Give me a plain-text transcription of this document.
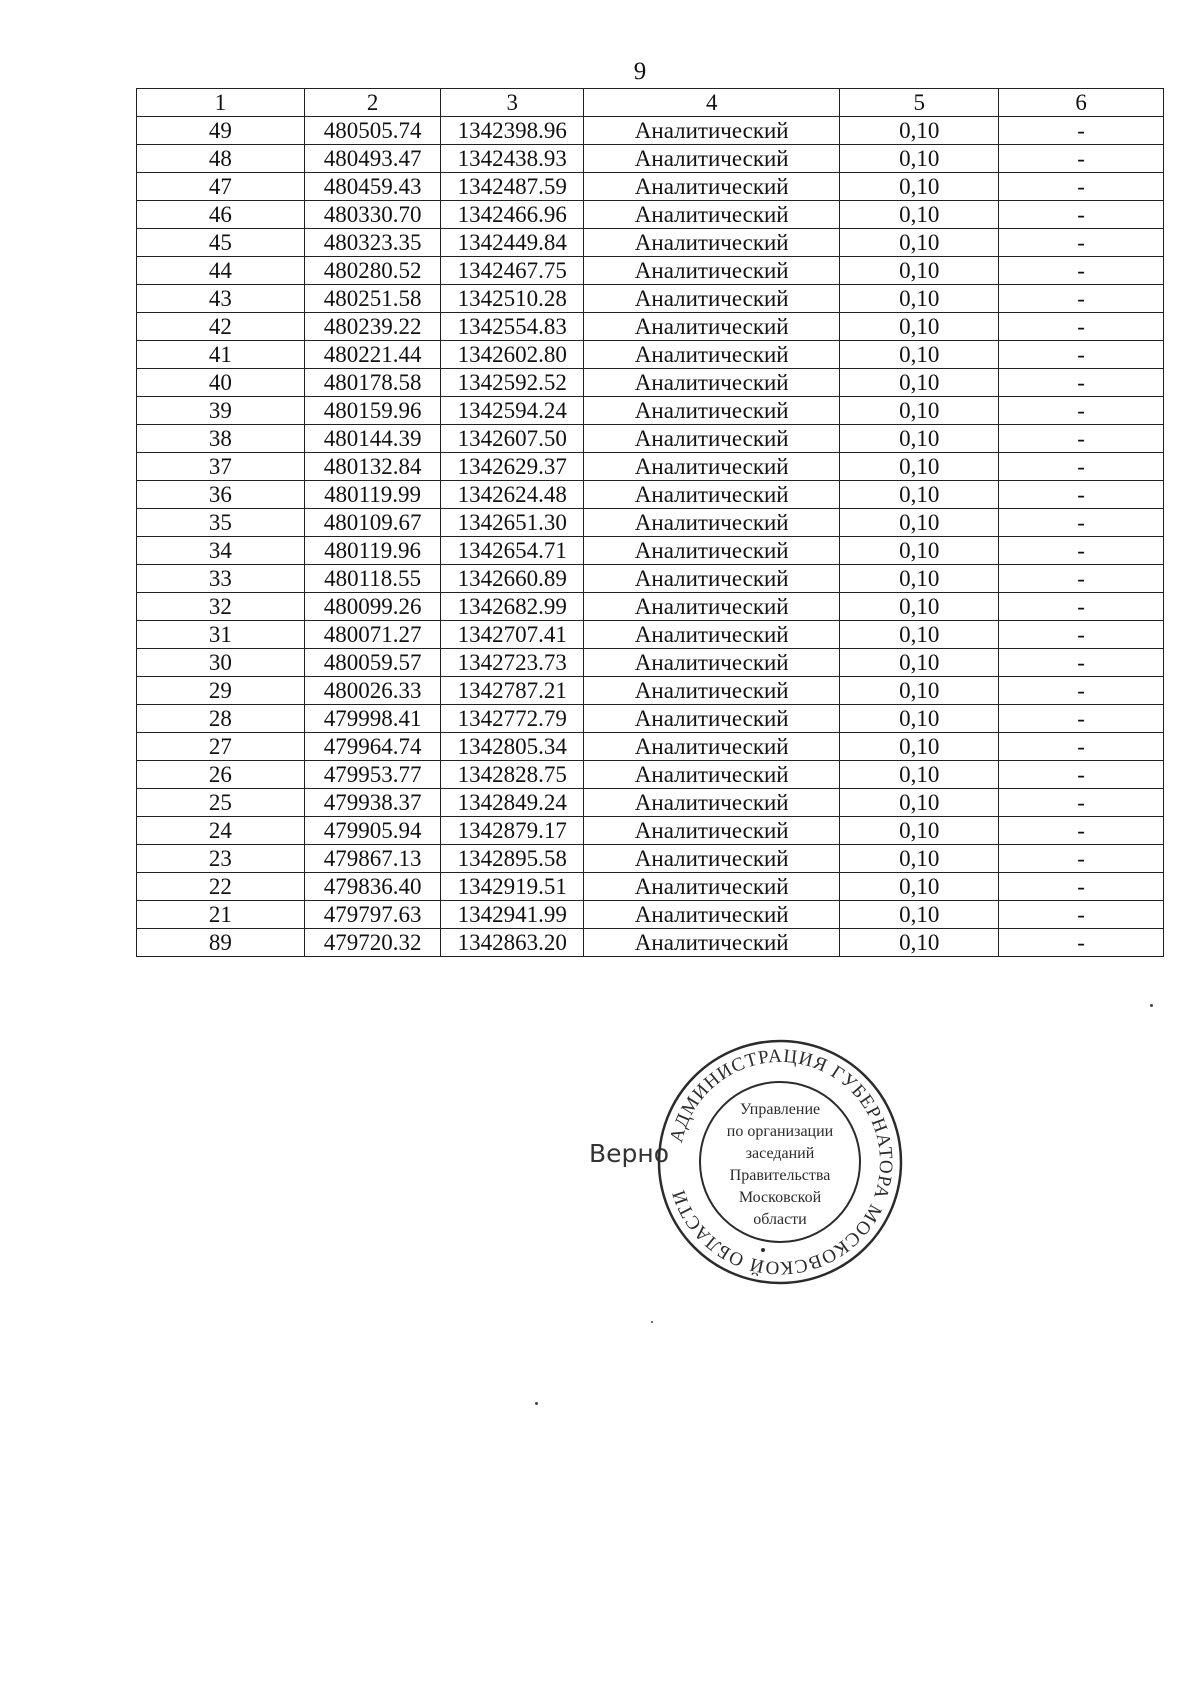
9
1	2	3	4	5	6
49	480505.74	1342398.96	Аналитический	0,10	-
48	480493.47	1342438.93	Аналитический	0,10	-
47	480459.43	1342487.59	Аналитический	0,10	-
46	480330.70	1342466.96	Аналитический	0,10	-
45	480323.35	1342449.84	Аналитический	0,10	-
44	480280.52	1342467.75	Аналитический	0,10	-
43	480251.58	1342510.28	Аналитический	0,10	-
42	480239.22	1342554.83	Аналитический	0,10	-
41	480221.44	1342602.80	Аналитический	0,10	-
40	480178.58	1342592.52	Аналитический	0,10	-
39	480159.96	1342594.24	Аналитический	0,10	-
38	480144.39	1342607.50	Аналитический	0,10	-
37	480132.84	1342629.37	Аналитический	0,10	-
36	480119.99	1342624.48	Аналитический	0,10	-
35	480109.67	1342651.30	Аналитический	0,10	-
34	480119.96	1342654.71	Аналитический	0,10	-
33	480118.55	1342660.89	Аналитический	0,10	-
32	480099.26	1342682.99	Аналитический	0,10	-
31	480071.27	1342707.41	Аналитический	0,10	-
30	480059.57	1342723.73	Аналитический	0,10	-
29	480026.33	1342787.21	Аналитический	0,10	-
28	479998.41	1342772.79	Аналитический	0,10	-
27	479964.74	1342805.34	Аналитический	0,10	-
26	479953.77	1342828.75	Аналитический	0,10	-
25	479938.37	1342849.24	Аналитический	0,10	-
24	479905.94	1342879.17	Аналитический	0,10	-
23	479867.13	1342895.58	Аналитический	0,10	-
22	479836.40	1342919.51	Аналитический	0,10	-
21	479797.63	1342941.99	Аналитический	0,10	-
89	479720.32	1342863.20	Аналитический	0,10	-
Верно
АДМИНИСТРАЦИЯ ГУБЕРНАТОРА МОСКОВСКОЙ ОБЛАСТИ
Управление
по организации
заседаний
Правительства
Московской
области
